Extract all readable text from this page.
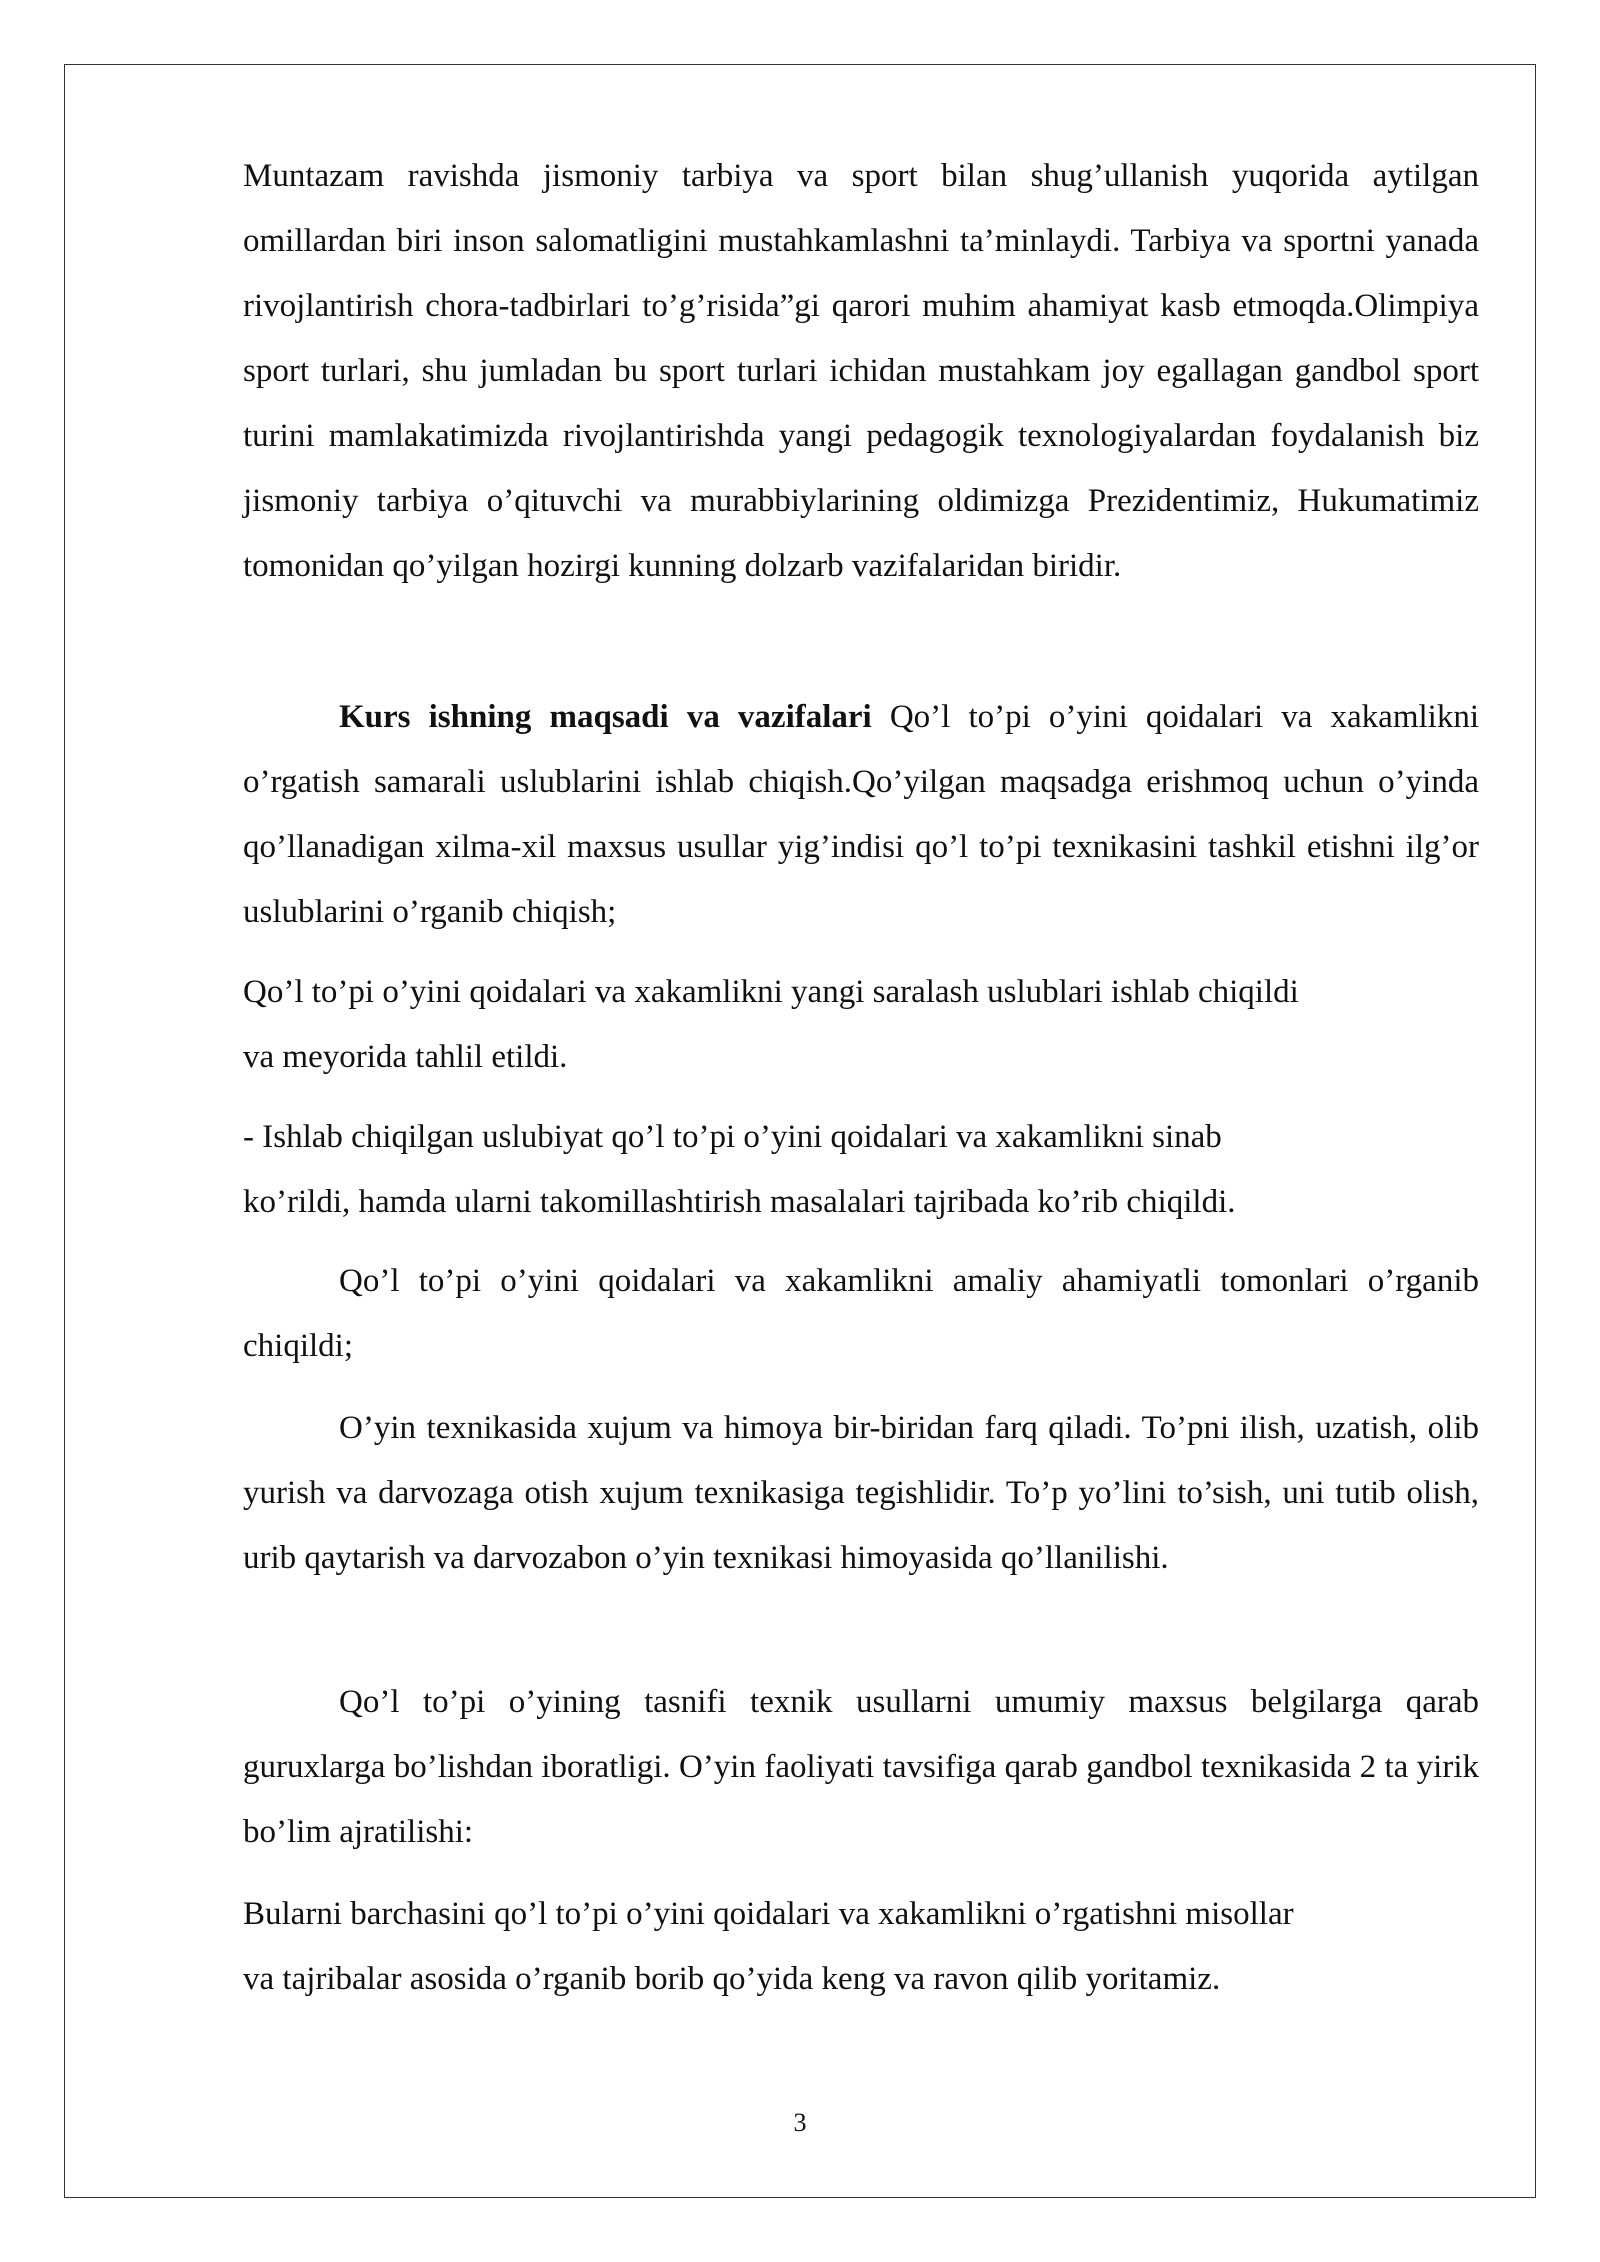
Muntazam ravishda jismoniy tarbiya va sport bilan shug’ullanish yuqorida aytilgan omillardan biri inson salomatligini mustahkamlashni ta’minlaydi. Tarbiya va sportni yanada rivojlantirish chora-tadbirlari to’g’risida”gi qarori muhim ahamiyat kasb etmoqda.Olimpiya sport turlari, shu jumladan bu sport turlari ichidan mustahkam joy egallagan gandbol sport turini mamlakatimizda rivojlantirishda yangi pedagogik texnologiyalardan foydalanish biz jismoniy tarbiya o’qituvchi va murabbiylarining oldimizga Prezidentimiz, Hukumatimiz tomonidan qo’yilgan hozirgi kunning dolzarb vazifalaridan biridir.
Kurs ishning maqsadi va vazifalari Qo’l to’pi o’yini qoidalari va xakamlikni o’rgatish samarali uslublarini ishlab chiqish.Qo’yilgan maqsadga erishmoq uchun o’yinda qo’llanadigan xilma-xil maxsus usullar yig’indisi qo’l to’pi texnikasini tashkil etishni ilg’or uslublarini o’rganib chiqish;
Qo’l to’pi o’yini qoidalari va xakamlikni yangi saralash uslublari ishlab chiqildi
va meyorida tahlil etildi.
- Ishlab chiqilgan uslubiyat qo’l to’pi o’yini qoidalari va xakamlikni sinab
ko’rildi, hamda ularni takomillashtirish masalalari tajribada ko’rib chiqildi.
Qo’l to’pi o’yini qoidalari va xakamlikni amaliy ahamiyatli tomonlari o’rganib chiqildi;
O’yin texnikasida xujum va himoya bir-biridan farq qiladi. To’pni ilish, uzatish, olib yurish va darvozaga otish xujum texnikasiga tegishlidir. To’p yo’lini to’sish, uni tutib olish, urib qaytarish va darvozabon o’yin texnikasi himoyasida qo’llanilishi.
Qo’l to’pi o’yining tasnifi texnik usullarni umumiy maxsus belgilarga qarab guruxlarga bo’lishdan iboratligi. O’yin faoliyati tavsifiga qarab gandbol texnikasida 2 ta yirik bo’lim ajratilishi:
Bularni barchasini qo’l to’pi o’yini qoidalari va xakamlikni o’rgatishni misollar
va tajribalar asosida o’rganib borib qo’yida keng va ravon qilib yoritamiz.
3
